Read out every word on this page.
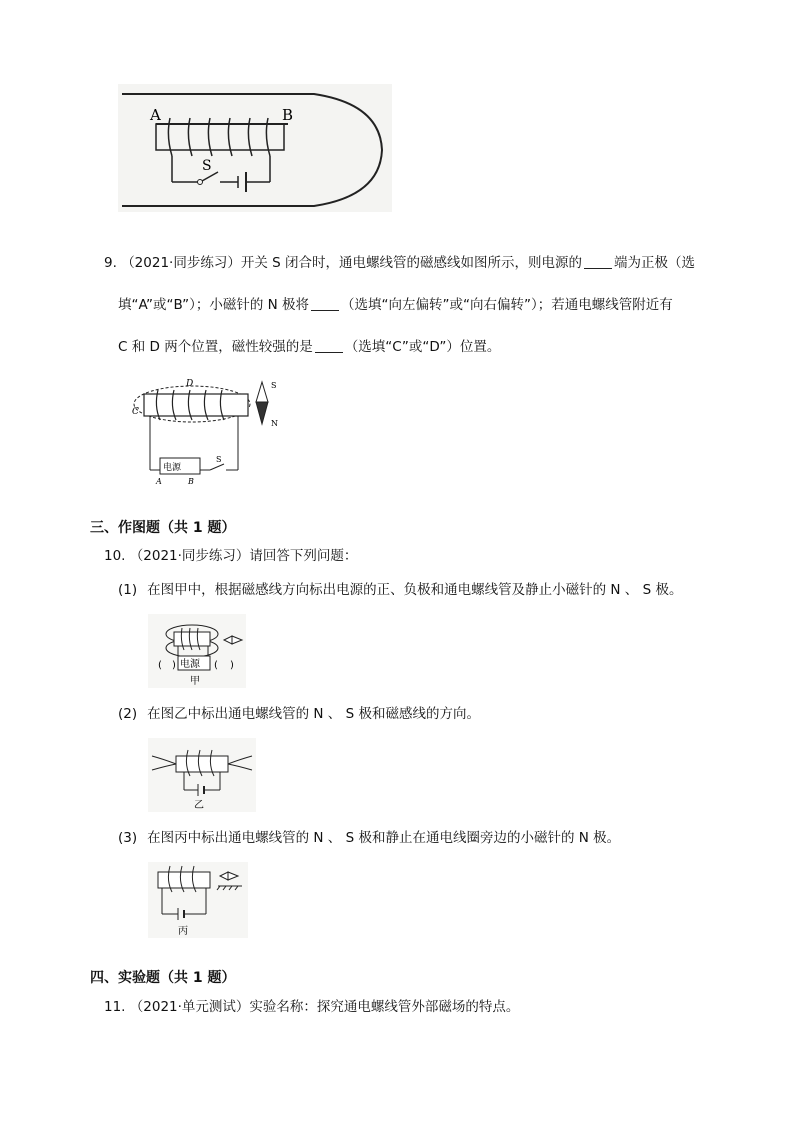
A	B
S
9. （2021·同步练习）开关 S 闭合时，通电螺线管的磁感线如图所示，则电源的 端为正极（选
填“A”或“B”）；小磁针的 N 极将 （选填“向左偏转”或“向右偏转”）；若通电螺线管附近有
C 和 D 两个位置，磁性较强的是 （选填“C”或“D”）位置。
C
D
电源
S
A	B
S
N
三、作图题（共 1 题）
10. （2021·同步练习）请回答下列问题：
(1) 在图甲中，根据磁感线方向标出电源的正、负极和通电螺线管及静止小磁针的 N 、 S 极。
电源
( )	( )
甲
(2) 在图乙中标出通电螺线管的 N 、 S 极和磁感线的方向。
乙
(3) 在图丙中标出通电螺线管的 N 、 S 极和静止在通电线圈旁边的小磁针的 N 极。
丙
四、实验题（共 1 题）
11. （2021·单元测试）实验名称：探究通电螺线管外部磁场的特点。
